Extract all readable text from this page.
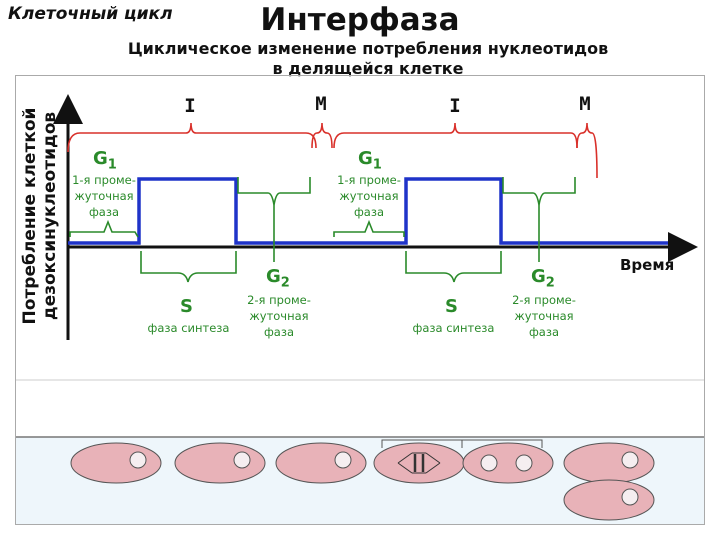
Клеточный цикл	Интерфаза
Циклическое изменение потребления нуклеотидов
в делящейся клетке
I	M	I	M
Потребление клеткой дезоксинуклеотидов	Время
$G_1$
1-я проме-
жуточная
фаза
$G_1$
1-я проме-
жуточная
фаза
S
фаза синтеза
S
фаза синтеза
$G_2$
2-я проме-
жуточная
фаза
$G_2$
2-я проме-
жуточная
фаза
